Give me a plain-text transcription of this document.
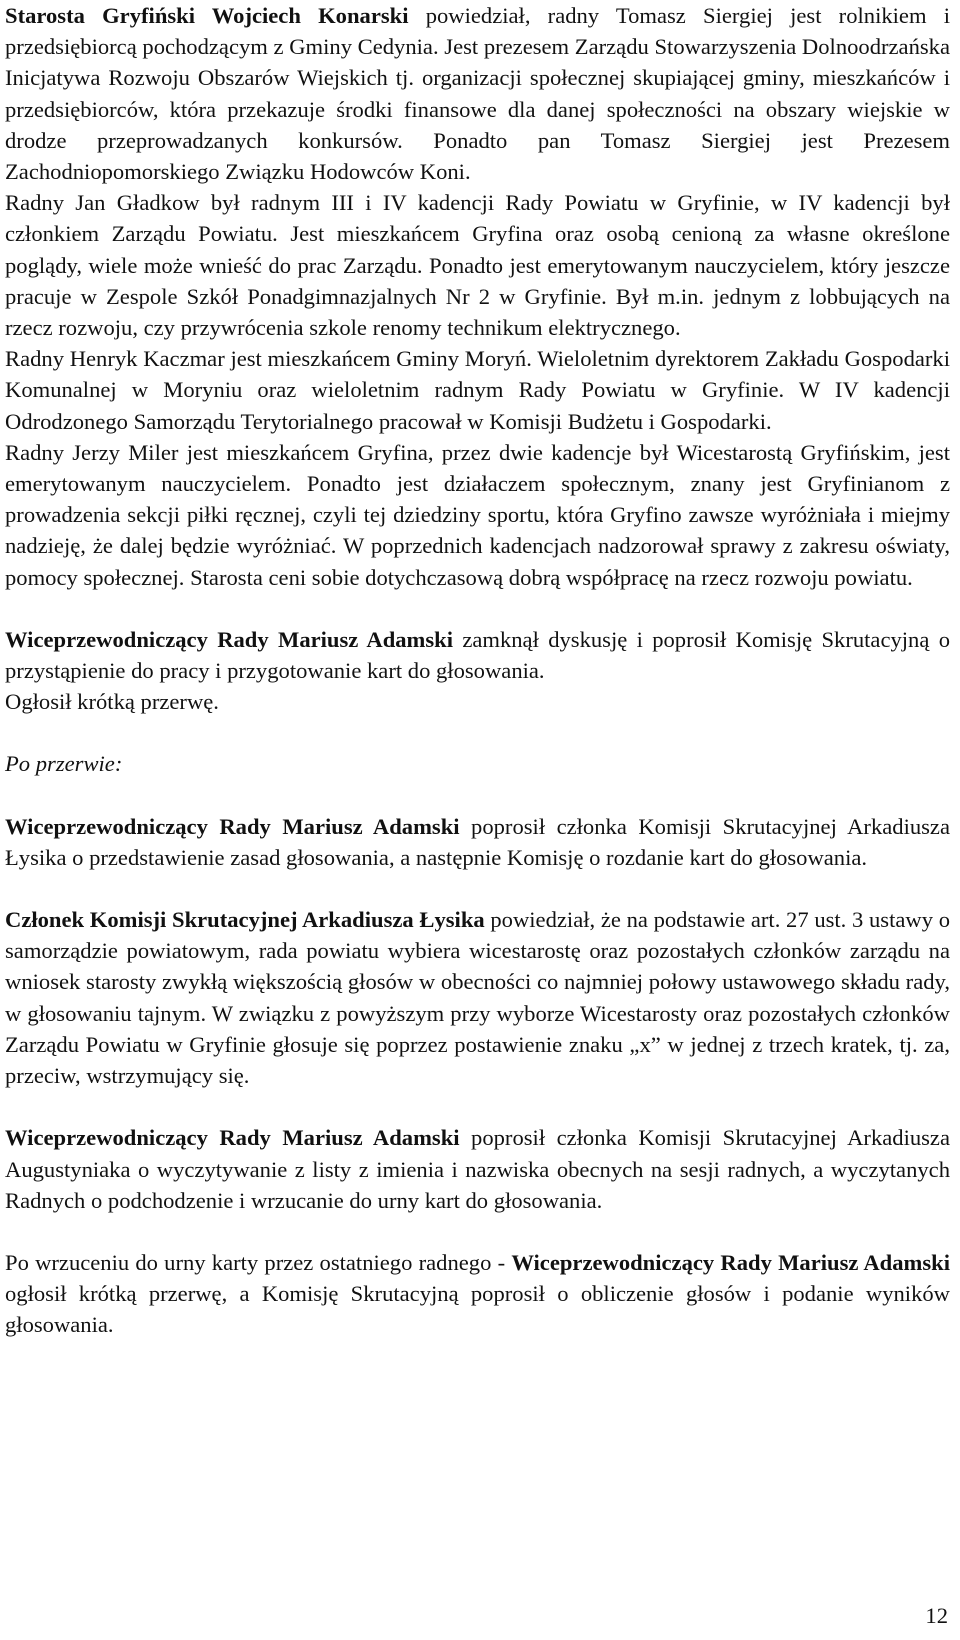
Starosta Gryfiński Wojciech Konarski powiedział, radny Tomasz Siergiej jest rolnikiem i przedsiębiorcą pochodzącym z Gminy Cedynia. Jest prezesem Zarządu Stowarzyszenia Dolnoodrzańska Inicjatywa Rozwoju Obszarów Wiejskich tj. organizacji społecznej skupiającej gminy, mieszkańców i przedsiębiorców, która przekazuje środki finansowe dla danej społeczności na obszary wiejskie w drodze przeprowadzanych konkursów. Ponadto pan Tomasz Siergiej jest Prezesem Zachodniopomorskiego Związku Hodowców Koni.

Radny Jan Gładkow był radnym III i IV kadencji Rady Powiatu w Gryfinie, w IV kadencji był członkiem Zarządu Powiatu. Jest mieszkańcem Gryfina oraz osobą cenioną za własne określone poglądy, wiele może wnieść do prac Zarządu. Ponadto jest emerytowanym nauczycielem, który jeszcze pracuje w Zespole Szkół Ponadgimnazjalnych Nr 2 w Gryfinie. Był m.in. jednym z lobbujących na rzecz rozwoju, czy przywrócenia szkole renomy technikum elektrycznego.

Radny Henryk Kaczmar jest mieszkańcem Gminy Moryń. Wieloletnim dyrektorem Zakładu Gospodarki Komunalnej w Moryniu oraz wieloletnim radnym Rady Powiatu w Gryfinie. W IV kadencji Odrodzonego Samorządu Terytorialnego pracował w Komisji Budżetu i Gospodarki.

Radny Jerzy Miler jest mieszkańcem Gryfina, przez dwie kadencje był Wicestarostą Gryfińskim, jest emerytowanym nauczycielem. Ponadto jest działaczem społecznym, znany jest Gryfinianom z prowadzenia sekcji piłki ręcznej, czyli tej dziedziny sportu, która Gryfino zawsze wyróżniała i miejmy nadzieję, że dalej będzie wyróżniać. W poprzednich kadencjach nadzorował sprawy z zakresu oświaty, pomocy społecznej. Starosta ceni sobie dotychczasową dobrą współpracę na rzecz rozwoju powiatu.

Wiceprzewodniczący Rady Mariusz Adamski zamknął dyskusję i poprosił Komisję Skrutacyjną o przystąpienie do pracy i przygotowanie kart do głosowania.

Ogłosił krótką przerwę.

Po przerwie:

Wiceprzewodniczący Rady Mariusz Adamski poprosił członka Komisji Skrutacyjnej Arkadiusza Łysika o przedstawienie zasad głosowania, a następnie Komisję o rozdanie kart do głosowania.

Członek Komisji Skrutacyjnej Arkadiusza Łysika powiedział, że na podstawie art. 27 ust. 3 ustawy o samorządzie powiatowym, rada powiatu wybiera wicestarostę oraz pozostałych członków zarządu na wniosek starosty zwykłą większością głosów w obecności co najmniej połowy ustawowego składu rady, w głosowaniu tajnym. W związku z powyższym przy wyborze Wicestarosty oraz pozostałych członków Zarządu Powiatu w Gryfinie głosuje się poprzez postawienie znaku „x” w jednej z trzech kratek, tj. za, przeciw, wstrzymujący się.

Wiceprzewodniczący Rady Mariusz Adamski poprosił członka Komisji Skrutacyjnej Arkadiusza Augustyniaka o wyczytywanie z listy z imienia i nazwiska obecnych na sesji radnych, a wyczytanych Radnych o podchodzenie i wrzucanie do urny kart do głosowania.

Po wrzuceniu do urny karty przez ostatniego radnego - Wiceprzewodniczący Rady Mariusz Adamski ogłosił krótką przerwę, a Komisję Skrutacyjną poprosił o obliczenie głosów i podanie wyników głosowania.

12
